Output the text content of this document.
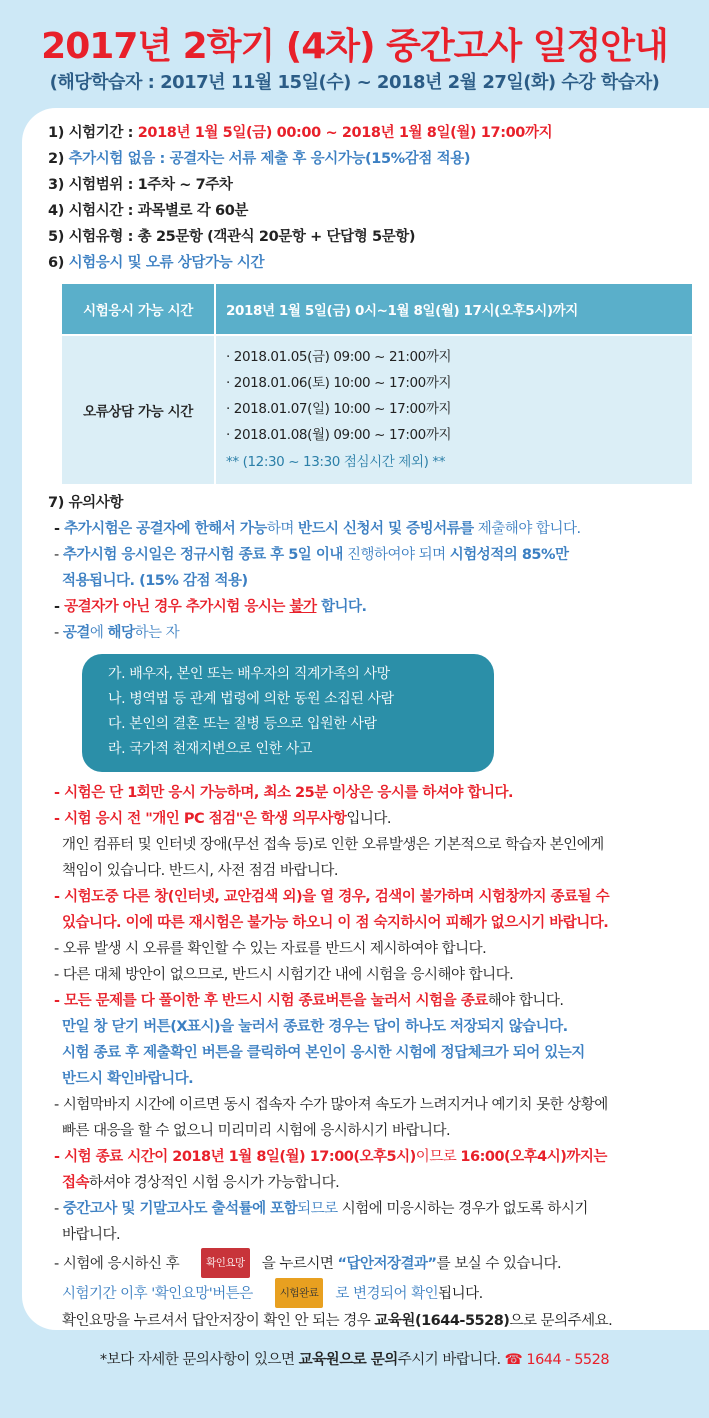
2017년 2학기 (4차) 중간고사 일정안내
(해당학습자 : 2017년 11월 15일(수) ~ 2018년 2월 27일(화) 수강 학습자)
1) 시험기간 : 2018년 1월 5일(금) 00:00 ~ 2018년 1월 8일(월) 17:00까지
2) 추가시험 없음 : 공결자는 서류 제출 후 응시가능(15%감점 적용)
3) 시험범위 : 1주차 ~ 7주차
4) 시험시간 : 과목별로 각 60분
5) 시험유형 : 총 25문항 (객관식 20문항 + 단답형 5문항)
6) 시험응시 및 오류 상담가능 시간
시험응시 가능 시간	2018년 1월 5일(금) 0시~1월 8일(월) 17시(오후5시)까지
오류상담 가능 시간	· 2018.01.05(금) 09:00 ~ 21:00까지
· 2018.01.06(토) 10:00 ~ 17:00까지
· 2018.01.07(일) 10:00 ~ 17:00까지
· 2018.01.08(월) 09:00 ~ 17:00까지
** (12:30 ~ 13:30 점심시간 제외) **
7) 유의사항
- 추가시험은 공결자에 한해서 가능하며 반드시 신청서 및 증빙서류를 제출해야 합니다.
- 추가시험 응시일은 정규시험 종료 후 5일 이내 진행하여야 되며 시험성적의 85%만
적용됩니다. (15% 감점 적용)
- 공결자가 아닌 경우 추가시험 응시는 불가 합니다.
- 공결에 해당하는 자
가. 배우자, 본인 또는 배우자의 직계가족의 사망
나. 병역법 등 관계 법령에 의한 동원 소집된 사람
다. 본인의 결혼 또는 질병 등으로 입원한 사람
라. 국가적 천재지변으로 인한 사고
- 시험은 단 1회만 응시 가능하며, 최소 25분 이상은 응시를 하셔야 합니다.
- 시험 응시 전 "개인 PC 점검"은 학생 의무사항입니다.
개인 컴퓨터 및 인터넷 장애(무선 접속 등)로 인한 오류발생은 기본적으로 학습자 본인에게
책임이 있습니다. 반드시, 사전 점검 바랍니다.
- 시험도중 다른 창(인터넷, 교안검색 외)을 열 경우, 검색이 불가하며 시험창까지 종료될 수
있습니다. 이에 따른 재시험은 불가능 하오니 이 점 숙지하시어 피해가 없으시기 바랍니다.
- 오류 발생 시 오류를 확인할 수 있는 자료를 반드시 제시하여야 합니다.
- 다른 대체 방안이 없으므로, 반드시 시험기간 내에 시험을 응시해야 합니다.
- 모든 문제를 다 풀이한 후 반드시 시험 종료버튼을 눌러서 시험을 종료해야 합니다.
만일 창 닫기 버튼(X표시)을 눌러서 종료한 경우는 답이 하나도 저장되지 않습니다.
시험 종료 후 제출확인 버튼을 클릭하여 본인이 응시한 시험에 정답체크가 되어 있는지
반드시 확인바랍니다.
- 시험막바지 시간에 이르면 동시 접속자 수가 많아져 속도가 느려지거나 예기치 못한 상황에
빠른 대응을 할 수 없으니 미리미리 시험에 응시하시기 바랍니다.
- 시험 종료 시간이 2018년 1월 8일(월) 17:00(오후5시)이므로 16:00(오후4시)까지는
접속하셔야 경상적인 시험 응시가 가능합니다.
- 중간고사 및 기말고사도 출석률에 포함되므로 시험에 미응시하는 경우가 없도록 하시기
바랍니다.
- 시험에 응시하신 후	확인요망 을 누르시면 “답안저장결과”를 보실 수 있습니다.
시험기간 이후 '확인요망'버튼은	시험완료 로 변경되어 확인됩니다.
확인요망을 누르셔서 답안저장이 확인 안 되는 경우 교육원(1644-5528)으로 문의주세요.
*보다 자세한 문의사항이 있으면 교육원으로 문의주시기 바랍니다. ☎ 1644 - 5528
